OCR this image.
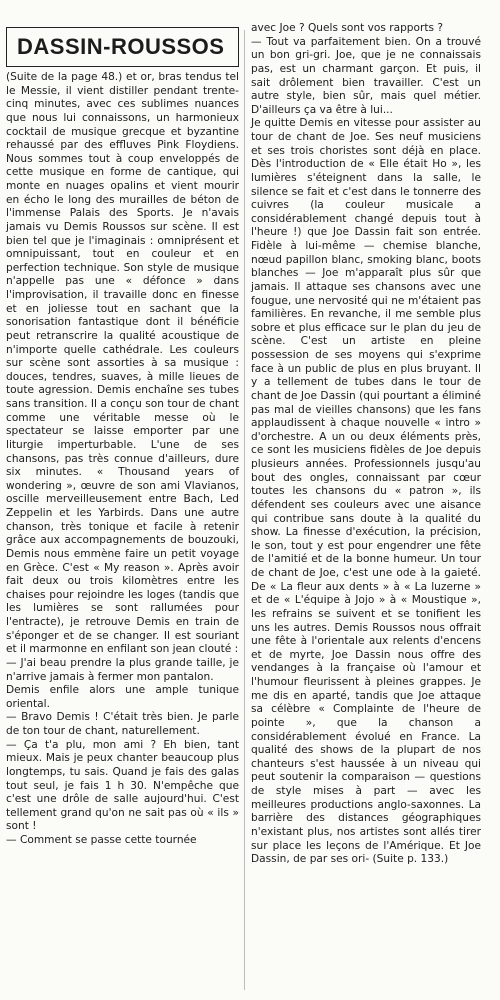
DASSIN-ROUSSOS

(Suite de la page 48.) et or, bras tendus tel le Messie, il vient distiller pendant trente-cinq minutes, avec ces sublimes nuances que nous lui connaissons, un harmonieux cocktail de musique grecque et byzantine rehaussé par des effluves Pink Floydiens. Nous sommes tout à coup enveloppés de cette musique en forme de cantique, qui monte en nuages opalins et vient mourir en écho le long des murailles de béton de l'immense Palais des Sports. Je n'avais jamais vu Demis Roussos sur scène. Il est bien tel que je l'imaginais : omniprésent et omnipuissant, tout en couleur et en perfection technique. Son style de musique n'appelle pas une « défonce » dans l'improvisation, il travaille donc en finesse et en joliesse tout en sachant que la sonorisation fantastique dont il bénéficie peut retranscrire la qualité acoustique de n'importe quelle cathédrale. Les couleurs sur scène sont assorties à sa musique : douces, tendres, suaves, à mille lieues de toute agression. Demis enchaîne ses tubes sans transition. Il a conçu son tour de chant comme une véritable messe où le spectateur se laisse emporter par une liturgie imperturbable. L'une de ses chansons, pas très connue d'ailleurs, dure six minutes. « Thousand years of wondering », œuvre de son ami Vlavianos, oscille merveilleusement entre Bach, Led Zeppelin et les Yarbirds. Dans une autre chanson, très tonique et facile à retenir grâce aux accompagnements de bouzouki, Demis nous emmène faire un petit voyage en Grèce. C'est « My reason ». Après avoir fait deux ou trois kilomètres entre les chaises pour rejoindre les loges (tandis que les lumières se sont rallumées pour l'entracte), je retrouve Demis en train de s'éponger et de se changer. Il est souriant et il marmonne en enfilant son jean clouté :

— J'ai beau prendre la plus grande taille, je n'arrive jamais à fermer mon pantalon.

Demis enfile alors une ample tunique oriental.

— Bravo Demis ! C'était très bien. Je parle de ton tour de chant, naturellement.

— Ça t'a plu, mon ami ? Eh bien, tant mieux. Mais je peux chanter beaucoup plus longtemps, tu sais. Quand je fais des galas tout seul, je fais 1 h 30. N'empêche que c'est une drôle de salle aujourd'hui. C'est tellement grand qu'on ne sait pas où « ils » sont !

— Comment se passe cette tournée

avec Joe ? Quels sont vos rapports ?

— Tout va parfaitement bien. On a trouvé un bon gri-gri. Joe, que je ne connaissais pas, est un charmant garçon. Et puis, il sait drôlement bien travailler. C'est un autre style, bien sûr, mais quel métier. D'ailleurs ça va être à lui...

Je quitte Demis en vitesse pour assister au tour de chant de Joe. Ses neuf musiciens et ses trois choristes sont déjà en place. Dès l'introduction de « Elle était Ho », les lumières s'éteignent dans la salle, le silence se fait et c'est dans le tonnerre des cuivres (la couleur musicale a considérablement changé depuis tout à l'heure !) que Joe Dassin fait son entrée. Fidèle à lui-même — chemise blanche, nœud papillon blanc, smoking blanc, boots blanches — Joe m'apparaît plus sûr que jamais. Il attaque ses chansons avec une fougue, une nervosité qui ne m'étaient pas familières. En revanche, il me semble plus sobre et plus efficace sur le plan du jeu de scène. C'est un artiste en pleine possession de ses moyens qui s'exprime face à un public de plus en plus bruyant. Il y a tellement de tubes dans le tour de chant de Joe Dassin (qui pourtant a éliminé pas mal de vieilles chansons) que les fans applaudissent à chaque nouvelle « intro » d'orchestre. A un ou deux éléments près, ce sont les musiciens fidèles de Joe depuis plusieurs années. Professionnels jusqu'au bout des ongles, connaissant par cœur toutes les chansons du « patron », ils défendent ses couleurs avec une aisance qui contribue sans doute à la qualité du show. La finesse d'exécution, la précision, le son, tout y est pour engendrer une fête de l'amitié et de la bonne humeur. Un tour de chant de Joe, c'est une ode à la gaieté. De « La fleur aux dents » à « La luzerne » et de « L'équipe à Jojo » à « Moustique », les refrains se suivent et se tonifient les uns les autres. Demis Roussos nous offrait une fête à l'orientale aux relents d'encens et de myrte, Joe Dassin nous offre des vendanges à la française où l'amour et l'humour fleurissent à pleines grappes. Je me dis en aparté, tandis que Joe attaque sa célèbre « Complainte de l'heure de pointe », que la chanson a considérablement évolué en France. La qualité des shows de la plupart de nos chanteurs s'est haussée à un niveau qui peut soutenir la comparaison — questions de style mises à part — avec les meilleures productions anglo-saxonnes. La barrière des distances géographiques n'existant plus, nos artistes sont allés tirer sur place les leçons de l'Amérique. Et Joe Dassin, de par ses ori- (Suite p. 133.)
